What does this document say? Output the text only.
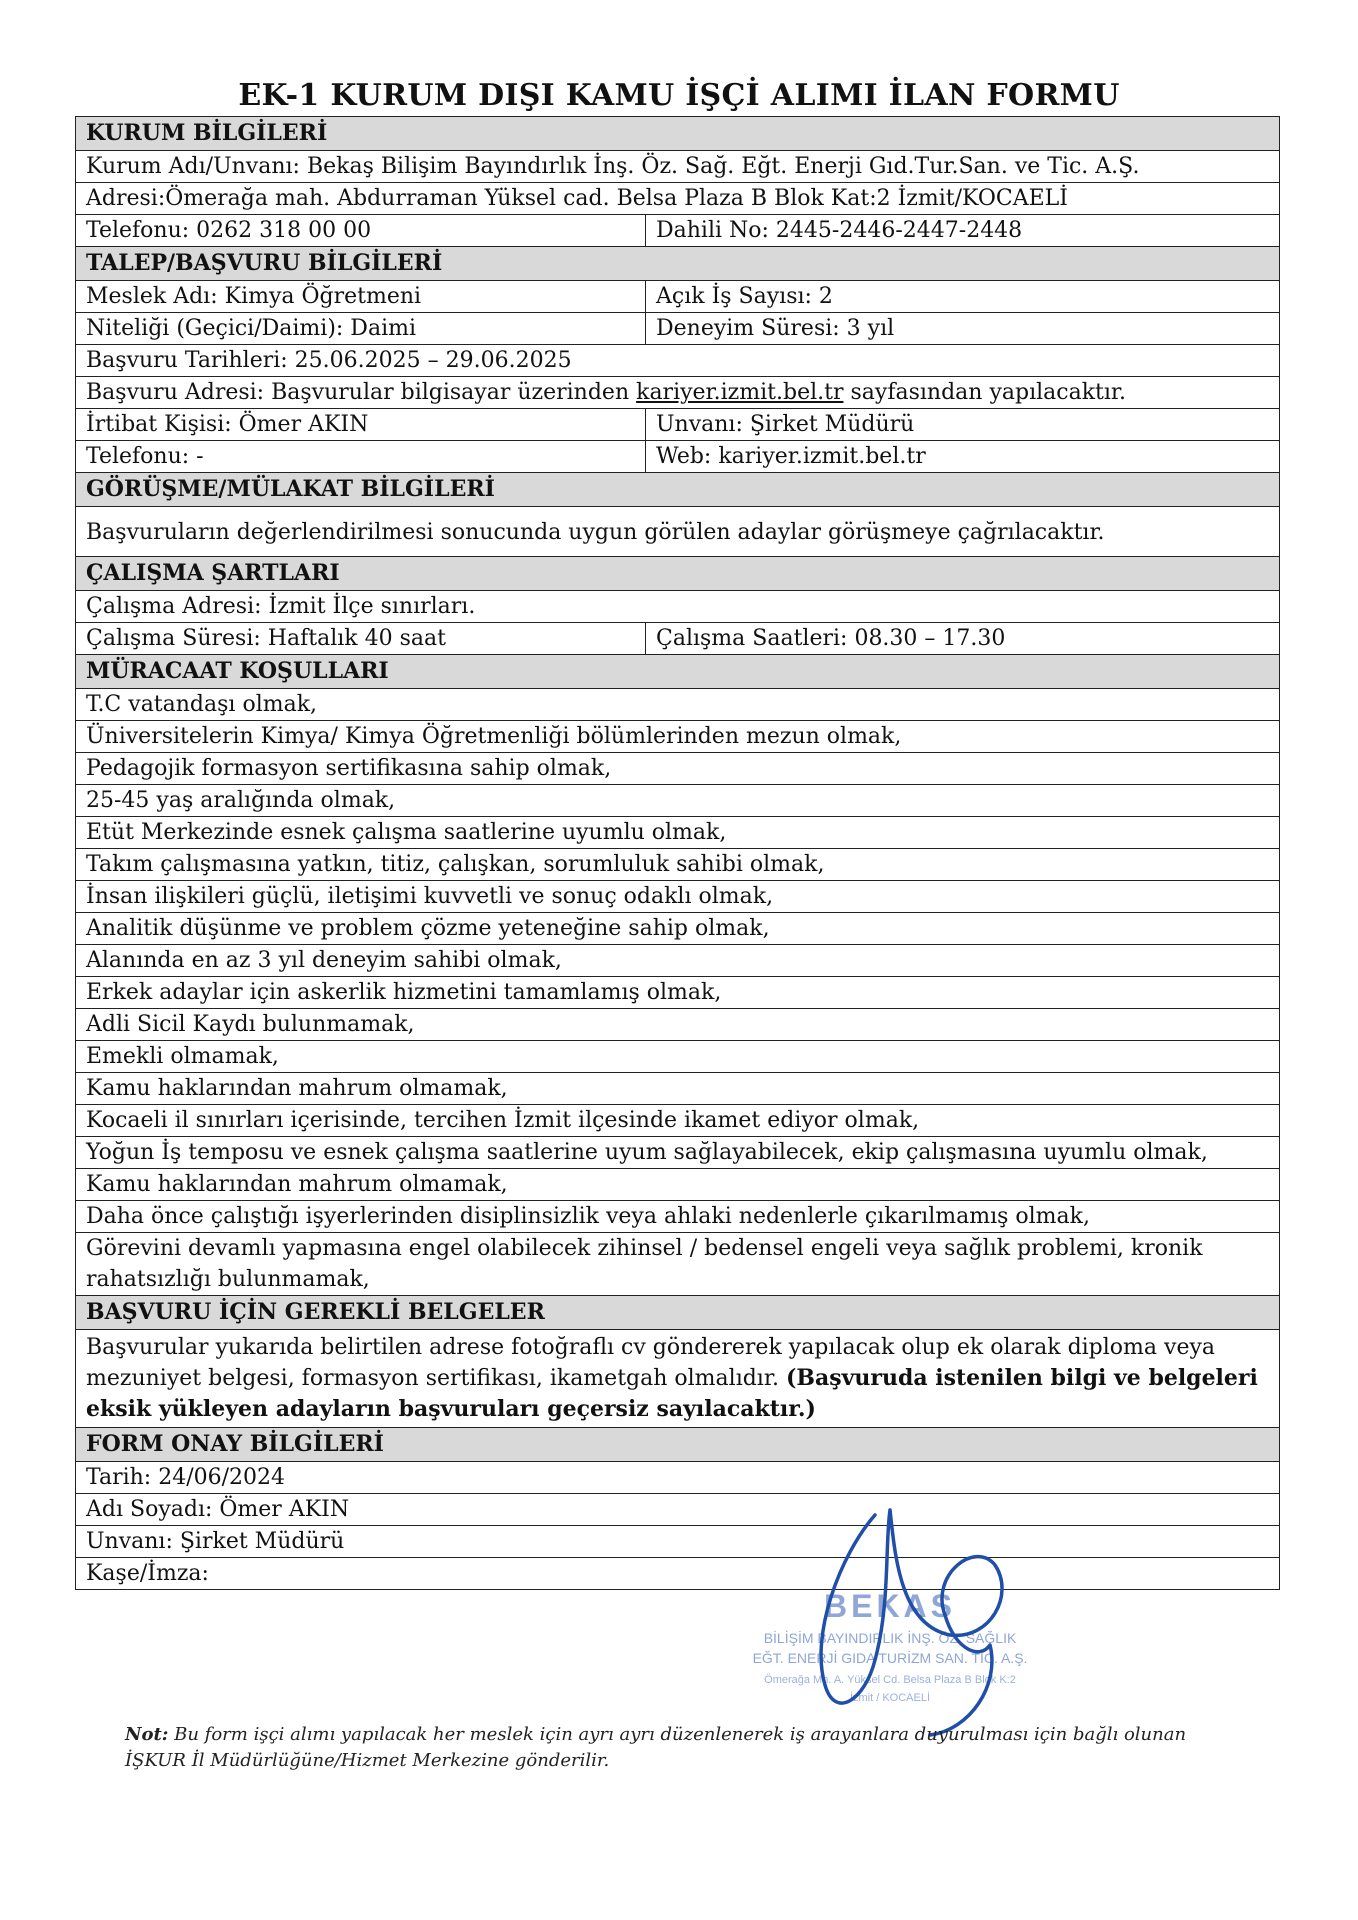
EK-1 KURUM DIŞI KAMU İŞÇİ ALIMI İLAN FORMU
KURUM BİLGİLERİ
Kurum Adı/Unvanı: Bekaş Bilişim Bayındırlık İnş. Öz. Sağ. Eğt. Enerji Gıd.Tur.San. ve Tic. A.Ş.
Adresi:Ömerağa mah. Abdurraman Yüksel cad. Belsa Plaza B Blok Kat:2 İzmit/KOCAELİ
Telefonu: 0262 318 00 00	Dahili No: 2445-2446-2447-2448
TALEP/BAŞVURU BİLGİLERİ
Meslek Adı: Kimya Öğretmeni	Açık İş Sayısı: 2
Niteliği (Geçici/Daimi): Daimi	Deneyim Süresi: 3 yıl
Başvuru Tarihleri: 25.06.2025 – 29.06.2025
Başvuru Adresi: Başvurular bilgisayar üzerinden kariyer.izmit.bel.tr sayfasından yapılacaktır.
İrtibat Kişisi: Ömer AKIN	Unvanı: Şirket Müdürü
Telefonu: -	Web: kariyer.izmit.bel.tr
GÖRÜŞME/MÜLAKAT BİLGİLERİ
Başvuruların değerlendirilmesi sonucunda uygun görülen adaylar görüşmeye çağrılacaktır.
ÇALIŞMA ŞARTLARI
Çalışma Adresi: İzmit İlçe sınırları.
Çalışma Süresi: Haftalık 40 saat	Çalışma Saatleri: 08.30 – 17.30
MÜRACAAT KOŞULLARI
T.C vatandaşı olmak,
Üniversitelerin Kimya/ Kimya Öğretmenliği bölümlerinden mezun olmak,
Pedagojik formasyon sertifikasına sahip olmak,
25-45 yaş aralığında olmak,
Etüt Merkezinde esnek çalışma saatlerine uyumlu olmak,
Takım çalışmasına yatkın, titiz, çalışkan, sorumluluk sahibi olmak,
İnsan ilişkileri güçlü, iletişimi kuvvetli ve sonuç odaklı olmak,
Analitik düşünme ve problem çözme yeteneğine sahip olmak,
Alanında en az 3 yıl deneyim sahibi olmak,
Erkek adaylar için askerlik hizmetini tamamlamış olmak,
Adli Sicil Kaydı bulunmamak,
Emekli olmamak,
Kamu haklarından mahrum olmamak,
Kocaeli il sınırları içerisinde, tercihen İzmit ilçesinde ikamet ediyor olmak,
Yoğun İş temposu ve esnek çalışma saatlerine uyum sağlayabilecek, ekip çalışmasına uyumlu olmak,
Kamu haklarından mahrum olmamak,
Daha önce çalıştığı işyerlerinden disiplinsizlik veya ahlaki nedenlerle çıkarılmamış olmak,
Görevini devamlı yapmasına engel olabilecek zihinsel / bedensel engeli veya sağlık problemi, kronik rahatsızlığı bulunmamak,
BAŞVURU İÇİN GEREKLİ BELGELER
Başvurular yukarıda belirtilen adrese fotoğraflı cv göndererek yapılacak olup ek olarak diploma veya mezuniyet belgesi, formasyon sertifikası, ikametgah olmalıdır. (Başvuruda istenilen bilgi ve belgeleri eksik yükleyen adayların başvuruları geçersiz sayılacaktır.)
FORM ONAY BİLGİLERİ
Tarih: 24/06/2024
Adı Soyadı: Ömer AKIN
Unvanı: Şirket Müdürü
Kaşe/İmza:
BEKAS
BİLİŞİM BAYINDIRLIK İNŞ. ÖZ. SAĞLIK
EĞT. ENERJİ GIDA TURİZM SAN. TİC. A.Ş.
Ömerağa Mh. A. Yüksel Cd. Belsa Plaza B Blok K:2
İzmit / KOCAELİ
Not: Bu form işçi alımı yapılacak her meslek için ayrı ayrı düzenlenerek iş arayanlara duyurulması için bağlı olunan İŞKUR İl Müdürlüğüne/Hizmet Merkezine gönderilir.
